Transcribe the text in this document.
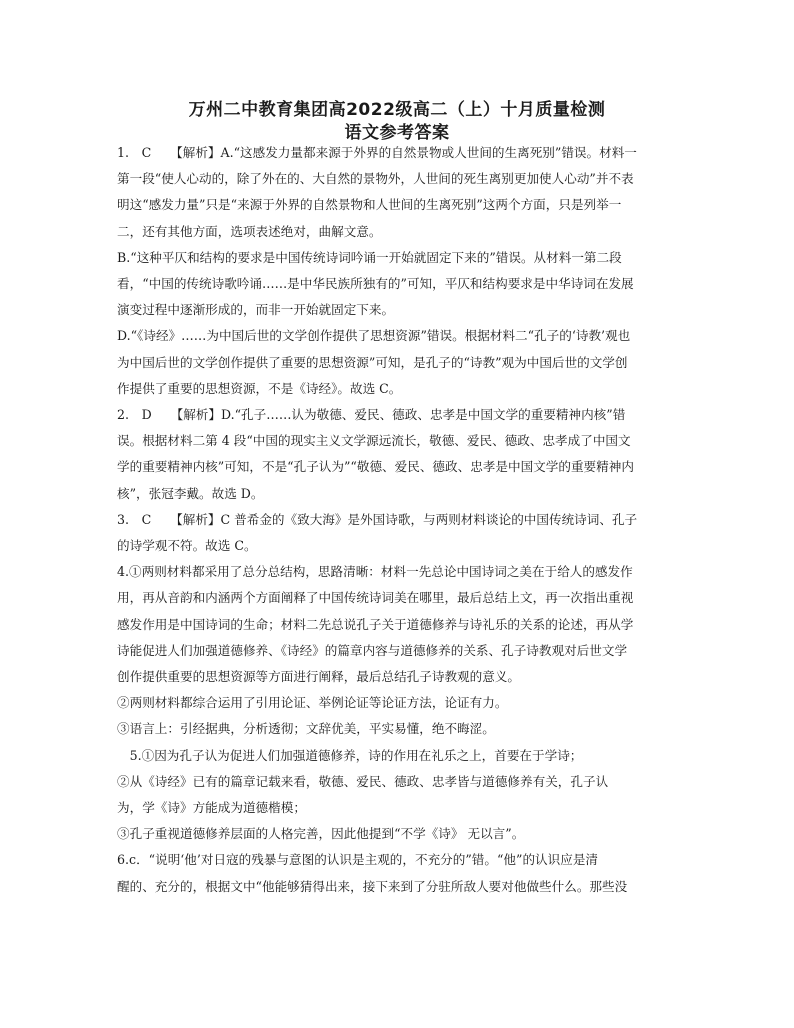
万州二中教育集团高2022级高二（上）十月质量检测
语文参考答案

1.　C　　【解析】A.“这感发力量都来源于外界的自然景物或人世间的生离死别”错误。材料一

第一段“使人心动的，除了外在的、大自然的景物外，人世间的死生离别更加使人心动”并不表

明这“感发力量”只是“来源于外界的自然景物和人世间的生离死别”这两个方面，只是列举一

二，还有其他方面，选项表述绝对，曲解文意。

B.“这种平仄和结构的要求是中国传统诗词吟诵一开始就固定下来的”错误。从材料一第二段

看，“中国的传统诗歌吟诵……是中华民族所独有的”可知，平仄和结构要求是中华诗词在发展

演变过程中逐渐形成的，而非一开始就固定下来。

D.“《诗经》……为中国后世的文学创作提供了思想资源”错误。根据材料二“孔子的‘诗教’观也

为中国后世的文学创作提供了重要的思想资源”可知，是孔子的“诗教”观为中国后世的文学创

作提供了重要的思想资源，不是《诗经》。故选 C。

2.　D　　【解析】D.“孔子……认为敬德、爱民、德政、忠孝是中国文学的重要精神内核”错

误。根据材料二第 4 段“中国的现实主义文学源远流长，敬德、爱民、德政、忠孝成了中国文

学的重要精神内核”可知，不是“孔子认为”“敬德、爱民、德政、忠孝是中国文学的重要精神内

核”，张冠李戴。故选 D。

3.　C　　【解析】C 普希金的《致大海》是外国诗歌，与两则材料谈论的中国传统诗词、孔子

的诗学观不符。故选 C。

4.①两则材料都采用了总分总结构，思路清晰：材料一先总论中国诗词之美在于给人的感发作

用，再从音韵和内涵两个方面阐释了中国传统诗词美在哪里，最后总结上文，再一次指出重视

感发作用是中国诗词的生命；材料二先总说孔子关于道德修养与诗礼乐的关系的论述，再从学

诗能促进人们加强道德修养、《诗经》的篇章内容与道德修养的关系、孔子诗教观对后世文学

创作提供重要的思想资源等方面进行阐释，最后总结孔子诗教观的意义。

②两则材料都综合运用了引用论证、举例论证等论证方法，论证有力。

③语言上：引经据典，分析透彻；文辞优美，平实易懂，绝不晦涩。

　5.①因为孔子认为促进人们加强道德修养，诗的作用在礼乐之上，首要在于学诗；

②从《诗经》已有的篇章记载来看，敬德、爱民、德政、忠孝皆与道德修养有关，孔子认

为，学《诗》方能成为道德楷模；

③孔子重视道德修养层面的人格完善，因此他提到“不学《诗》 无以言”。

6.c．“说明‘他’对日寇的残暴与意图的认识是主观的，不充分的”错。“他”的认识应是清

醒的、充分的，根据文中“他能够猜得出来，接下来到了分驻所敌人要对他做些什么。那些没
